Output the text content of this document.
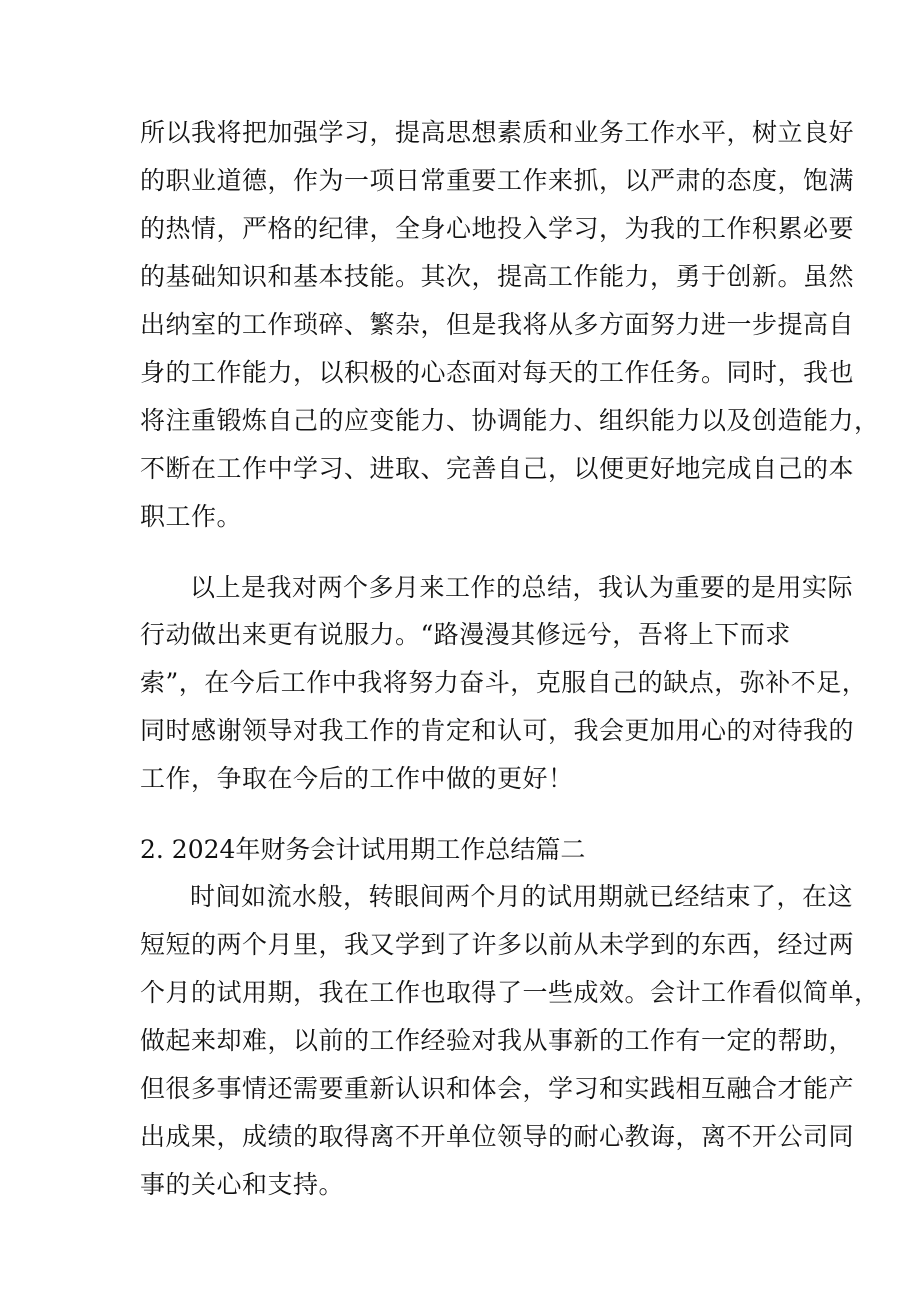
所以我将把加强学习，提高思想素质和业务工作水平，树立良好
的职业道德，作为一项日常重要工作来抓，以严肃的态度，饱满
的热情，严格的纪律，全身心地投入学习，为我的工作积累必要
的基础知识和基本技能。其次，提高工作能力，勇于创新。虽然
出纳室的工作琐碎、繁杂，但是我将从多方面努力进一步提高自
身的工作能力，以积极的心态面对每天的工作任务。同时，我也
将注重锻炼自己的应变能力、协调能力、组织能力以及创造能力，
不断在工作中学习、进取、完善自己，以便更好地完成自己的本
职工作。
以上是我对两个多月来工作的总结，我认为重要的是用实际
行动做出来更有说服力。“路漫漫其修远兮，吾将上下而求
索”，在今后工作中我将努力奋斗，克服自己的缺点，弥补不足，
同时感谢领导对我工作的肯定和认可，我会更加用心的对待我的
工作，争取在今后的工作中做的更好！
2. 2024年财务会计试用期工作总结篇二
时间如流水般，转眼间两个月的试用期就已经结束了，在这
短短的两个月里，我又学到了许多以前从未学到的东西，经过两
个月的试用期，我在工作也取得了一些成效。会计工作看似简单，
做起来却难，以前的工作经验对我从事新的工作有一定的帮助，
但很多事情还需要重新认识和体会，学习和实践相互融合才能产
出成果，成绩的取得离不开单位领导的耐心教诲，离不开公司同
事的关心和支持。
